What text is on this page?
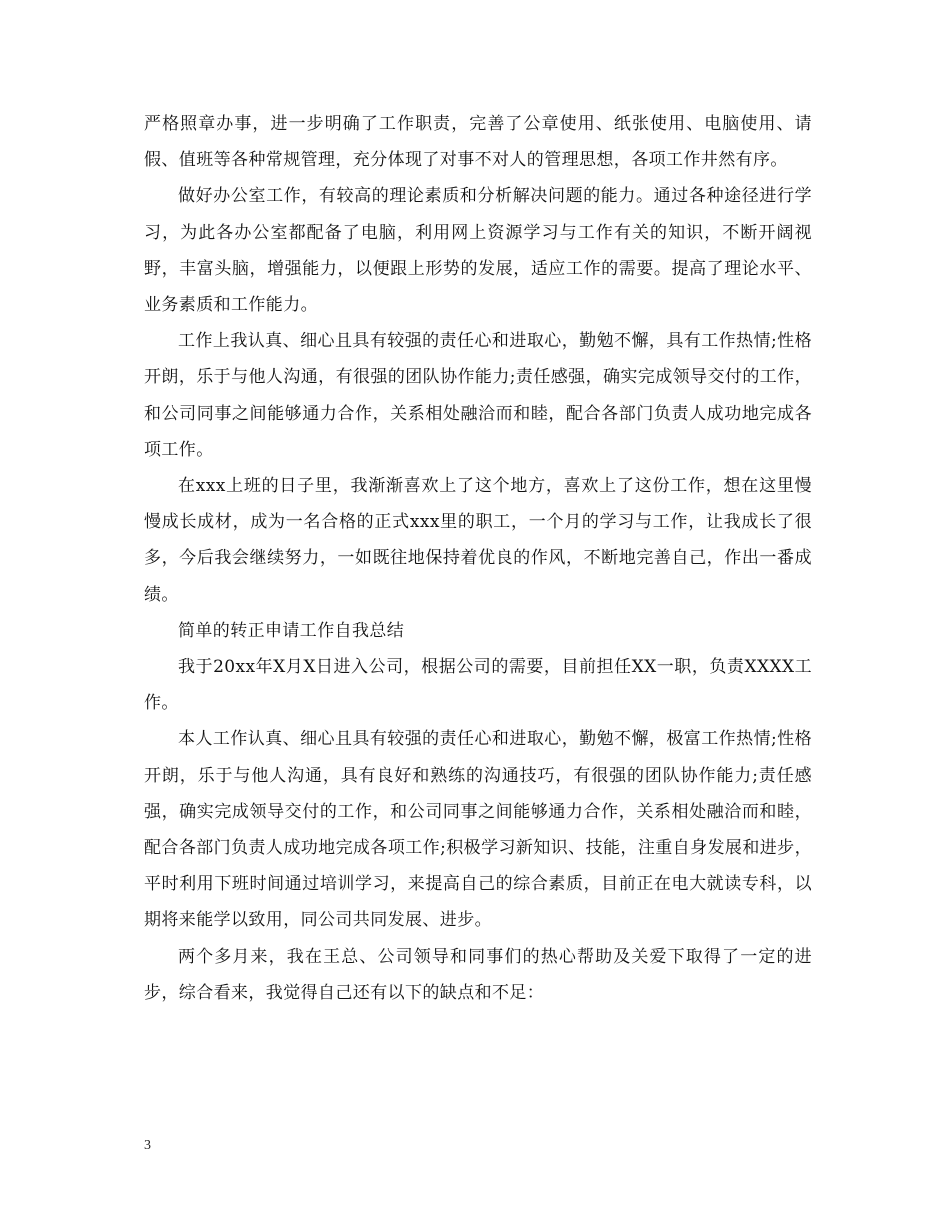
严格照章办事，进一步明确了工作职责，完善了公章使用、纸张使用、电脑使用、请假、值班等各种常规管理，充分体现了对事不对人的管理思想，各项工作井然有序。

做好办公室工作，有较高的理论素质和分析解决问题的能力。通过各种途径进行学习，为此各办公室都配备了电脑，利用网上资源学习与工作有关的知识，不断开阔视野，丰富头脑，增强能力，以便跟上形势的发展，适应工作的需要。提高了理论水平、业务素质和工作能力。

工作上我认真、细心且具有较强的责任心和进取心，勤勉不懈，具有工作热情;性格开朗，乐于与他人沟通，有很强的团队协作能力;责任感强，确实完成领导交付的工作，和公司同事之间能够通力合作，关系相处融洽而和睦，配合各部门负责人成功地完成各项工作。

在xxx上班的日子里，我渐渐喜欢上了这个地方，喜欢上了这份工作，想在这里慢慢成长成材，成为一名合格的正式xxx里的职工，一个月的学习与工作，让我成长了很多，今后我会继续努力，一如既往地保持着优良的作风，不断地完善自己，作出一番成绩。

简单的转正申请工作自我总结

我于20xx年X月X日进入公司，根据公司的需要，目前担任XX一职，负责XXXX工作。

本人工作认真、细心且具有较强的责任心和进取心，勤勉不懈，极富工作热情;性格开朗，乐于与他人沟通，具有良好和熟练的沟通技巧，有很强的团队协作能力;责任感强，确实完成领导交付的工作，和公司同事之间能够通力合作，关系相处融洽而和睦，配合各部门负责人成功地完成各项工作;积极学习新知识、技能，注重自身发展和进步，平时利用下班时间通过培训学习，来提高自己的综合素质，目前正在电大就读专科，以期将来能学以致用，同公司共同发展、进步。

两个多月来，我在王总、公司领导和同事们的热心帮助及关爱下取得了一定的进步，综合看来，我觉得自己还有以下的缺点和不足：

3
